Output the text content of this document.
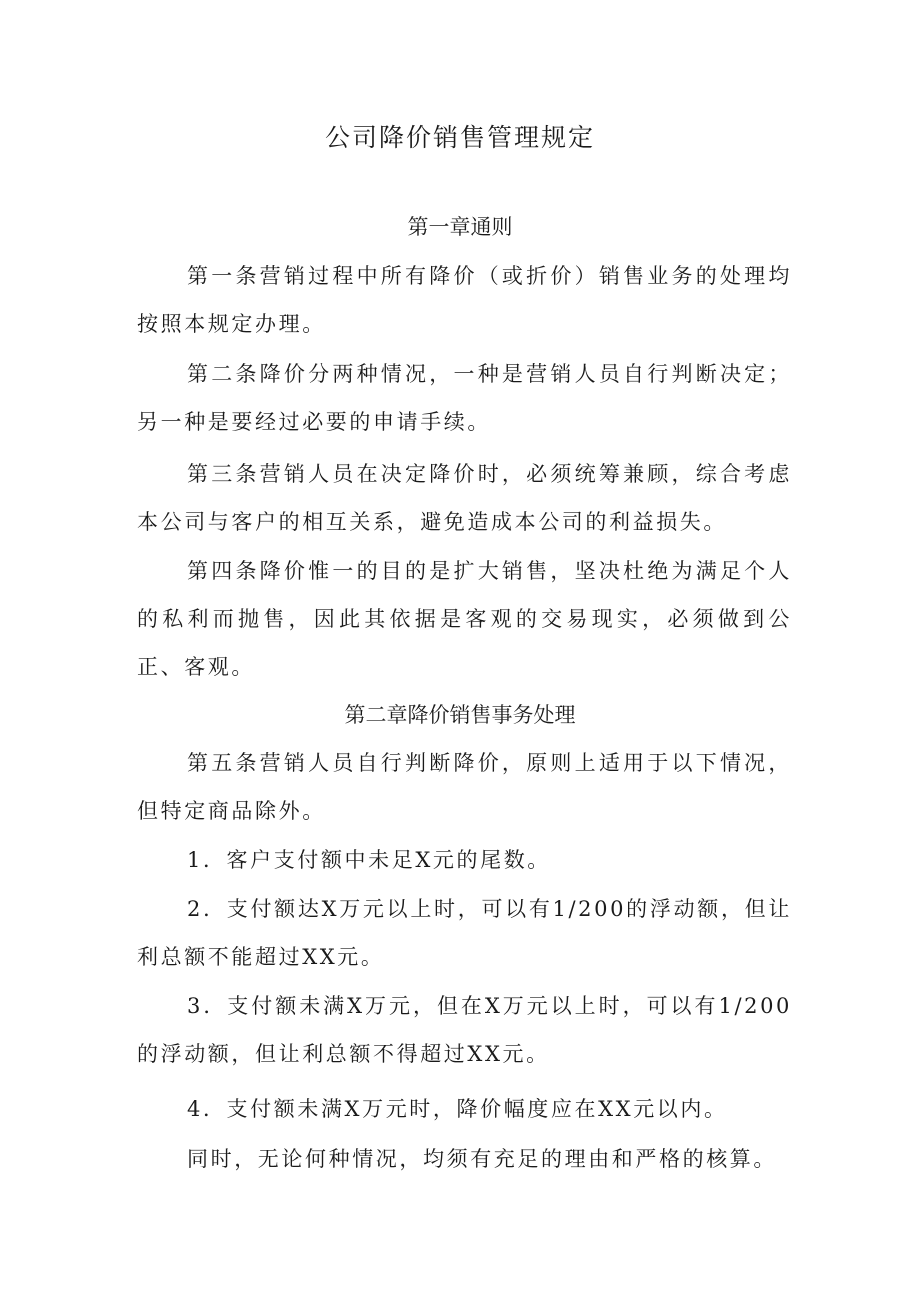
公司降价销售管理规定
第一章通则

第一条营销过程中所有降价（或折价）销售业务的处理均按照本规定办理。

第二条降价分两种情况，一种是营销人员自行判断决定；另一种是要经过必要的申请手续。

第三条营销人员在决定降价时，必须统筹兼顾，综合考虑本公司与客户的相互关系，避免造成本公司的利益损失。

第四条降价惟一的目的是扩大销售，坚决杜绝为满足个人的私利而抛售，因此其依据是客观的交易现实，必须做到公正、客观。

第二章降价销售事务处理

第五条营销人员自行判断降价，原则上适用于以下情况，但特定商品除外。

1．客户支付额中未足X元的尾数。

2．支付额达X万元以上时，可以有1/200的浮动额，但让利总额不能超过XX元。

3．支付额未满X万元，但在X万元以上时，可以有1/200的浮动额，但让利总额不得超过XX元。

4．支付额未满X万元时，降价幅度应在XX元以内。

同时，无论何种情况，均须有充足的理由和严格的核算。
